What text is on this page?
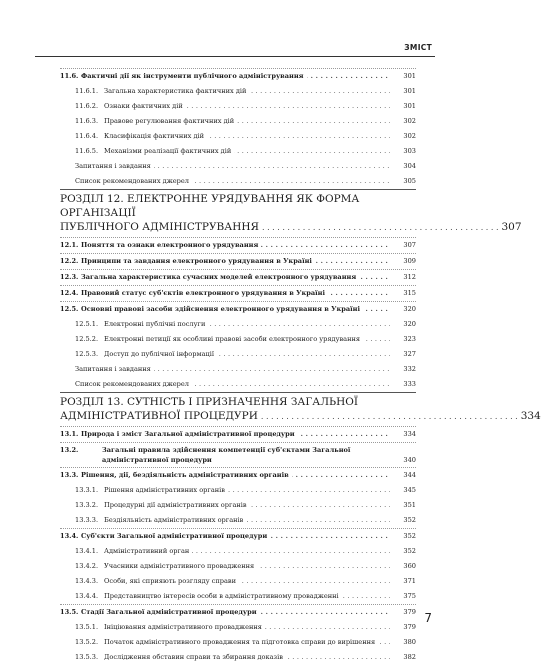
ЗМІСТ
11.6. Фактичні дії як інструменти публічного адміністрування . . .	301
11.6.1. Загальна характеристика фактичних дій . . .	301
11.6.2. Ознаки фактичних дій . . .	301
11.6.3. Правове регулювання фактичних дій . . .	302
11.6.4. Класифікація фактичних дій . . .	302
11.6.5. Механізми реалізації фактичних дій . . .	303
Запитання і завдання . . .	304
Список рекомендованих джерел . . .	305
РОЗДІЛ 12. ЕЛЕКТРОННЕ УРЯДУВАННЯ ЯК ФОРМА ОРГАНІЗАЦІЇ
ПУБЛІЧНОГО АДМІНІСТРУВАННЯ . . . . . . . . . . . . . . . . . . . . . . . . . . . . . . . . . . . . . . . . . . . . . . . 307
12.1. Поняття та ознаки електронного урядування . . .	307
12.2. Принципи та завдання електронного урядування в Україні . . .	309
12.3. Загальна характеристика сучасних моделей електронного урядування . . .	312
12.4. Правовий статус суб'єктів електронного урядування в Україні . . .	315
12.5. Основні правові засоби здійснення електронного урядування в Україні . . .	320
12.5.1. Електронні публічні послуги . . .	320
12.5.2. Електронні петиції як особливі правові засоби електронного урядування . . .	323
12.5.3. Доступ до публічної інформації . . .	327
Запитання і завдання . . .	332
Список рекомендованих джерел . . .	333
РОЗДІЛ 13. СУТНІСТЬ І ПРИЗНАЧЕННЯ ЗАГАЛЬНОЇ
АДМІНІСТРАТИВНОЇ ПРОЦЕДУРИ . . . . . . . . . . . . . . . . . . . . . . . . . . . . . . . . . . . . . . . . . . . . . . . . . . . 334
13.1. Природа і зміст Загальної адміністративної процедури . . .	334
13.2.	Загальні правила здійснення компетенції суб'єктами Загальної адміністративної процедури	340
13.3. Рішення, дії, бездіяльність адміністративних органів . . .	344
13.3.1. Рішення адміністративних органів . . .	345
13.3.2. Процедурні дії адміністративних органів . . .	351
13.3.3. Бездіяльність адміністративних органів . . .	352
13.4. Суб'єкти Загальної адміністративної процедури . . .	352
13.4.1. Адміністративний орган . . .	352
13.4.2. Учасники адміністративного провадження . . .	360
13.4.3. Особи, які сприяють розгляду справи . . .	371
13.4.4. Представництво інтересів особи в адміністративному провадженні . . .	375
13.5. Стадії Загальної адміністративної процедури . . .	379
13.5.1. Ініціювання адміністративного провадження . . .	379
13.5.2. Початок адміністративного провадження та підготовка справи до вирішення . . .	380
13.5.3. Дослідження обставин справи та збирання доказів . . .	382
7
